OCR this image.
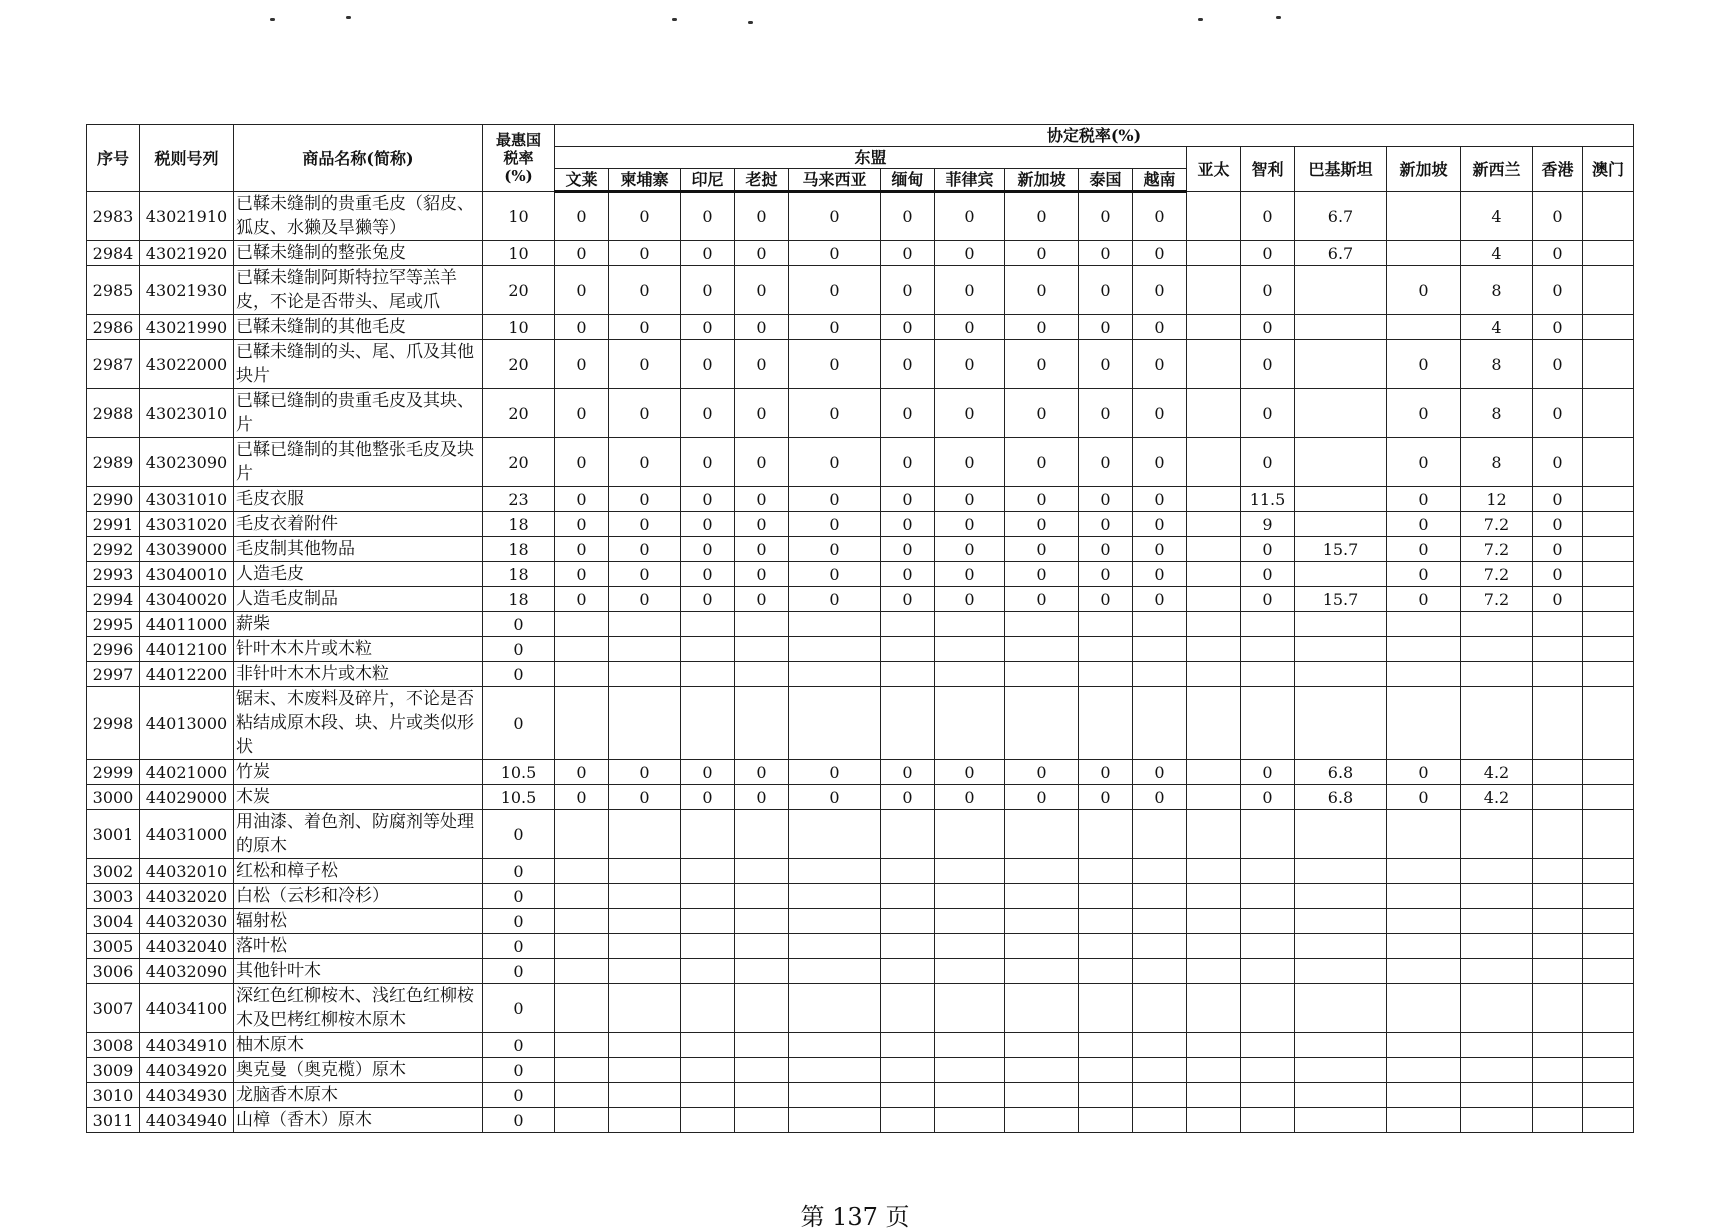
序号	税则号列	商品名称(简称)	最惠国
税率
(%)	协定税率(%)																
				东盟										亚太	智利	巴基斯坦	新加坡	新西兰	香港	澳门
				文莱	柬埔寨	印尼	老挝	马来西亚	缅甸	菲律宾	新加坡	泰国	越南							
2983	43021910	已鞣未缝制的贵重毛皮（貂皮、狐皮、水獭及旱獭等）	10	0	0	0	0	0	0	0	0	0	0		0	6.7		4	0	
2984	43021920	已鞣未缝制的整张兔皮	10	0	0	0	0	0	0	0	0	0	0		0	6.7		4	0	
2985	43021930	已鞣未缝制阿斯特拉罕等羔羊皮，不论是否带头、尾或爪	20	0	0	0	0	0	0	0	0	0	0		0		0	8	0	
2986	43021990	已鞣未缝制的其他毛皮	10	0	0	0	0	0	0	0	0	0	0		0			4	0	
2987	43022000	已鞣未缝制的头、尾、爪及其他块片	20	0	0	0	0	0	0	0	0	0	0		0		0	8	0	
2988	43023010	已鞣已缝制的贵重毛皮及其块、片	20	0	0	0	0	0	0	0	0	0	0		0		0	8	0	
2989	43023090	已鞣已缝制的其他整张毛皮及块片	20	0	0	0	0	0	0	0	0	0	0		0		0	8	0	
2990	43031010	毛皮衣服	23	0	0	0	0	0	0	0	0	0	0		11.5		0	12	0	
2991	43031020	毛皮衣着附件	18	0	0	0	0	0	0	0	0	0	0		9		0	7.2	0	
2992	43039000	毛皮制其他物品	18	0	0	0	0	0	0	0	0	0	0		0	15.7	0	7.2	0	
2993	43040010	人造毛皮	18	0	0	0	0	0	0	0	0	0	0		0		0	7.2	0	
2994	43040020	人造毛皮制品	18	0	0	0	0	0	0	0	0	0	0		0	15.7	0	7.2	0	
2995	44011000	薪柴	0																	
2996	44012100	针叶木木片或木粒	0																	
2997	44012200	非针叶木木片或木粒	0																	
2998	44013000	锯末、木废料及碎片，不论是否粘结成原木段、块、片或类似形状	0																	
2999	44021000	竹炭	10.5	0	0	0	0	0	0	0	0	0	0		0	6.8	0	4.2		
3000	44029000	木炭	10.5	0	0	0	0	0	0	0	0	0	0		0	6.8	0	4.2		
3001	44031000	用油漆、着色剂、防腐剂等处理的原木	0																	
3002	44032010	红松和樟子松	0																	
3003	44032020	白松（云杉和冷杉）	0																	
3004	44032030	辐射松	0																	
3005	44032040	落叶松	0																	
3006	44032090	其他针叶木	0																	
3007	44034100	深红色红柳桉木、浅红色红柳桉木及巴栲红柳桉木原木	0																	
3008	44034910	柚木原木	0																	
3009	44034920	奥克曼（奥克榄）原木	0																	
3010	44034930	龙脑香木原木	0																	
3011	44034940	山樟（香木）原木	0																	
第 137 页
